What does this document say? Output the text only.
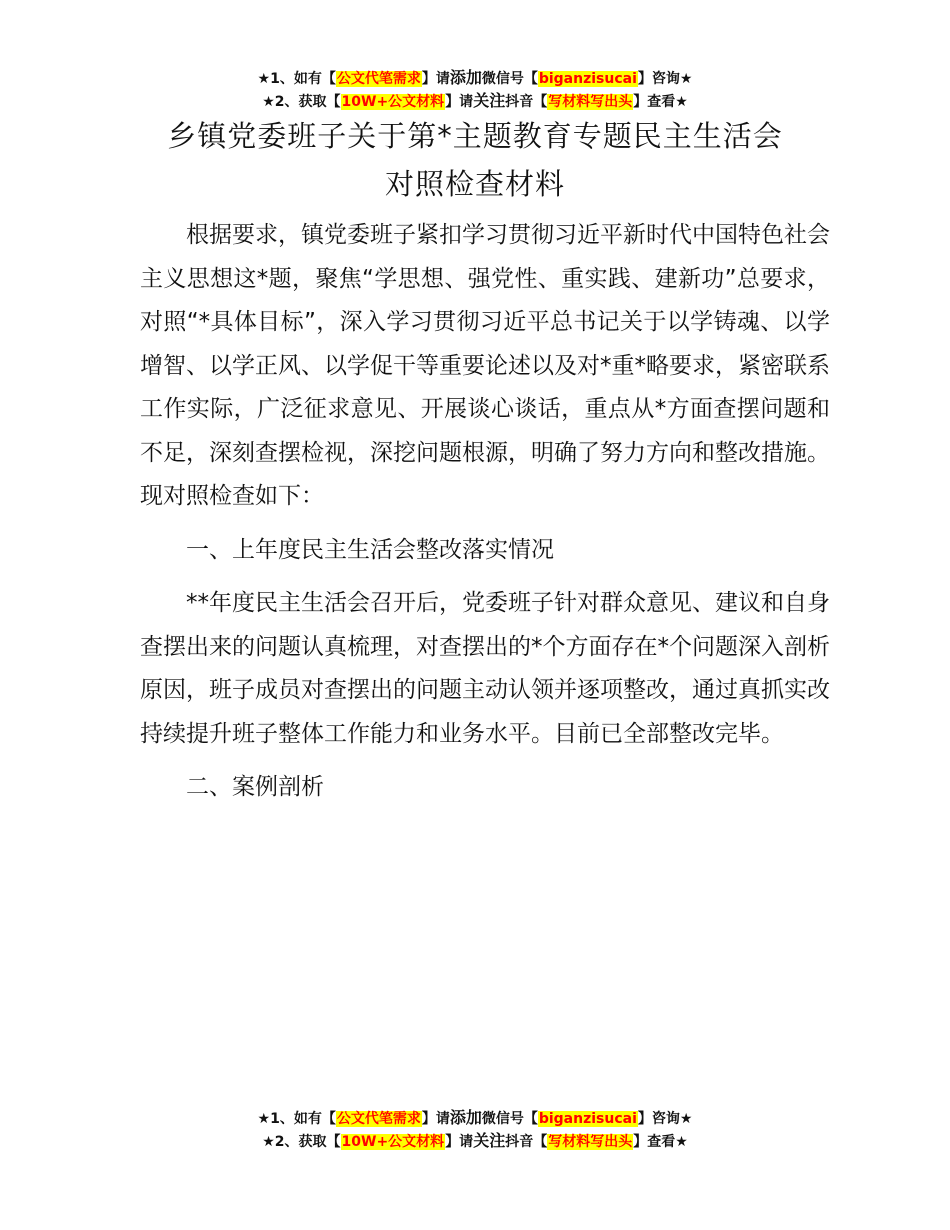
★1、如有【公文代笔需求】请添加微信号【biganzisucai】咨询★
★2、获取【10W+公文材料】请关注抖音【写材料写出头】查看★
乡镇党委班子关于第*主题教育专题民主生活会
对照检查材料

根据要求，镇党委班子紧扣学习贯彻习近平新时代中国特色社会主义思想这*题，聚焦“学思想、强党性、重实践、建新功”总要求，对照“*具体目标”，深入学习贯彻习近平总书记关于以学铸魂、以学增智、以学正风、以学促干等重要论述以及对*重*略要求，紧密联系工作实际，广泛征求意见、开展谈心谈话，重点从*方面查摆问题和不足，深刻查摆检视，深挖问题根源，明确了努力方向和整改措施。现对照检查如下：

一、上年度民主生活会整改落实情况

**年度民主生活会召开后，党委班子针对群众意见、建议和自身查摆出来的问题认真梳理，对查摆出的*个方面存在*个问题深入剖析原因，班子成员对查摆出的问题主动认领并逐项整改，通过真抓实改持续提升班子整体工作能力和业务水平。目前已全部整改完毕。

二、案例剖析

★1、如有【公文代笔需求】请添加微信号【biganzisucai】咨询★
★2、获取【10W+公文材料】请关注抖音【写材料写出头】查看★
